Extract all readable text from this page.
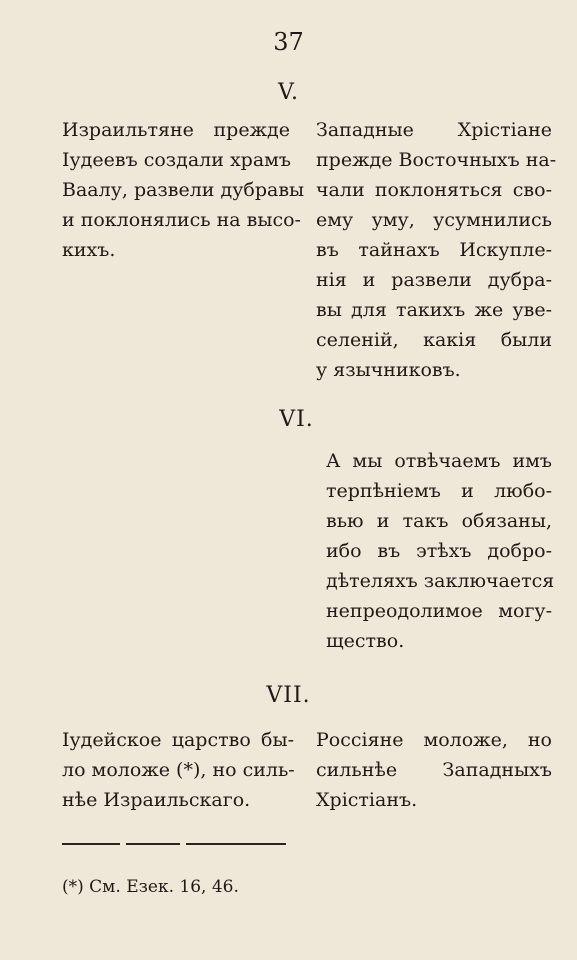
37
V.
Израильтяне прежде
Іудеевъ создали храмъ
Ваалу, развели дубравы
и поклонялись на высо-
кихъ.
Западные Хрістiане
прежде Восточныхъ на-
чали поклоняться сво-
ему уму, усумнились
въ тайнахъ Искупле-
нія и развели дубра-
вы для такихъ же уве-
селеній, какія были
у язычниковъ.
VI.
А мы отвѣчаемъ имъ
терпѣніемъ и любо-
вью и такъ обязаны,
ибо въ этѣхъ добро-
дѣтеляхъ заключается
непреодолимое могу-
щество.
VII.
Іудейское царство бы-
ло моложе (*), но силь-
нѣе Израильскаго.
Россіяне моложе, но
сильнѣе Западныхъ
Хрістіанъ.
(*) См. Езек. 16, 46.
